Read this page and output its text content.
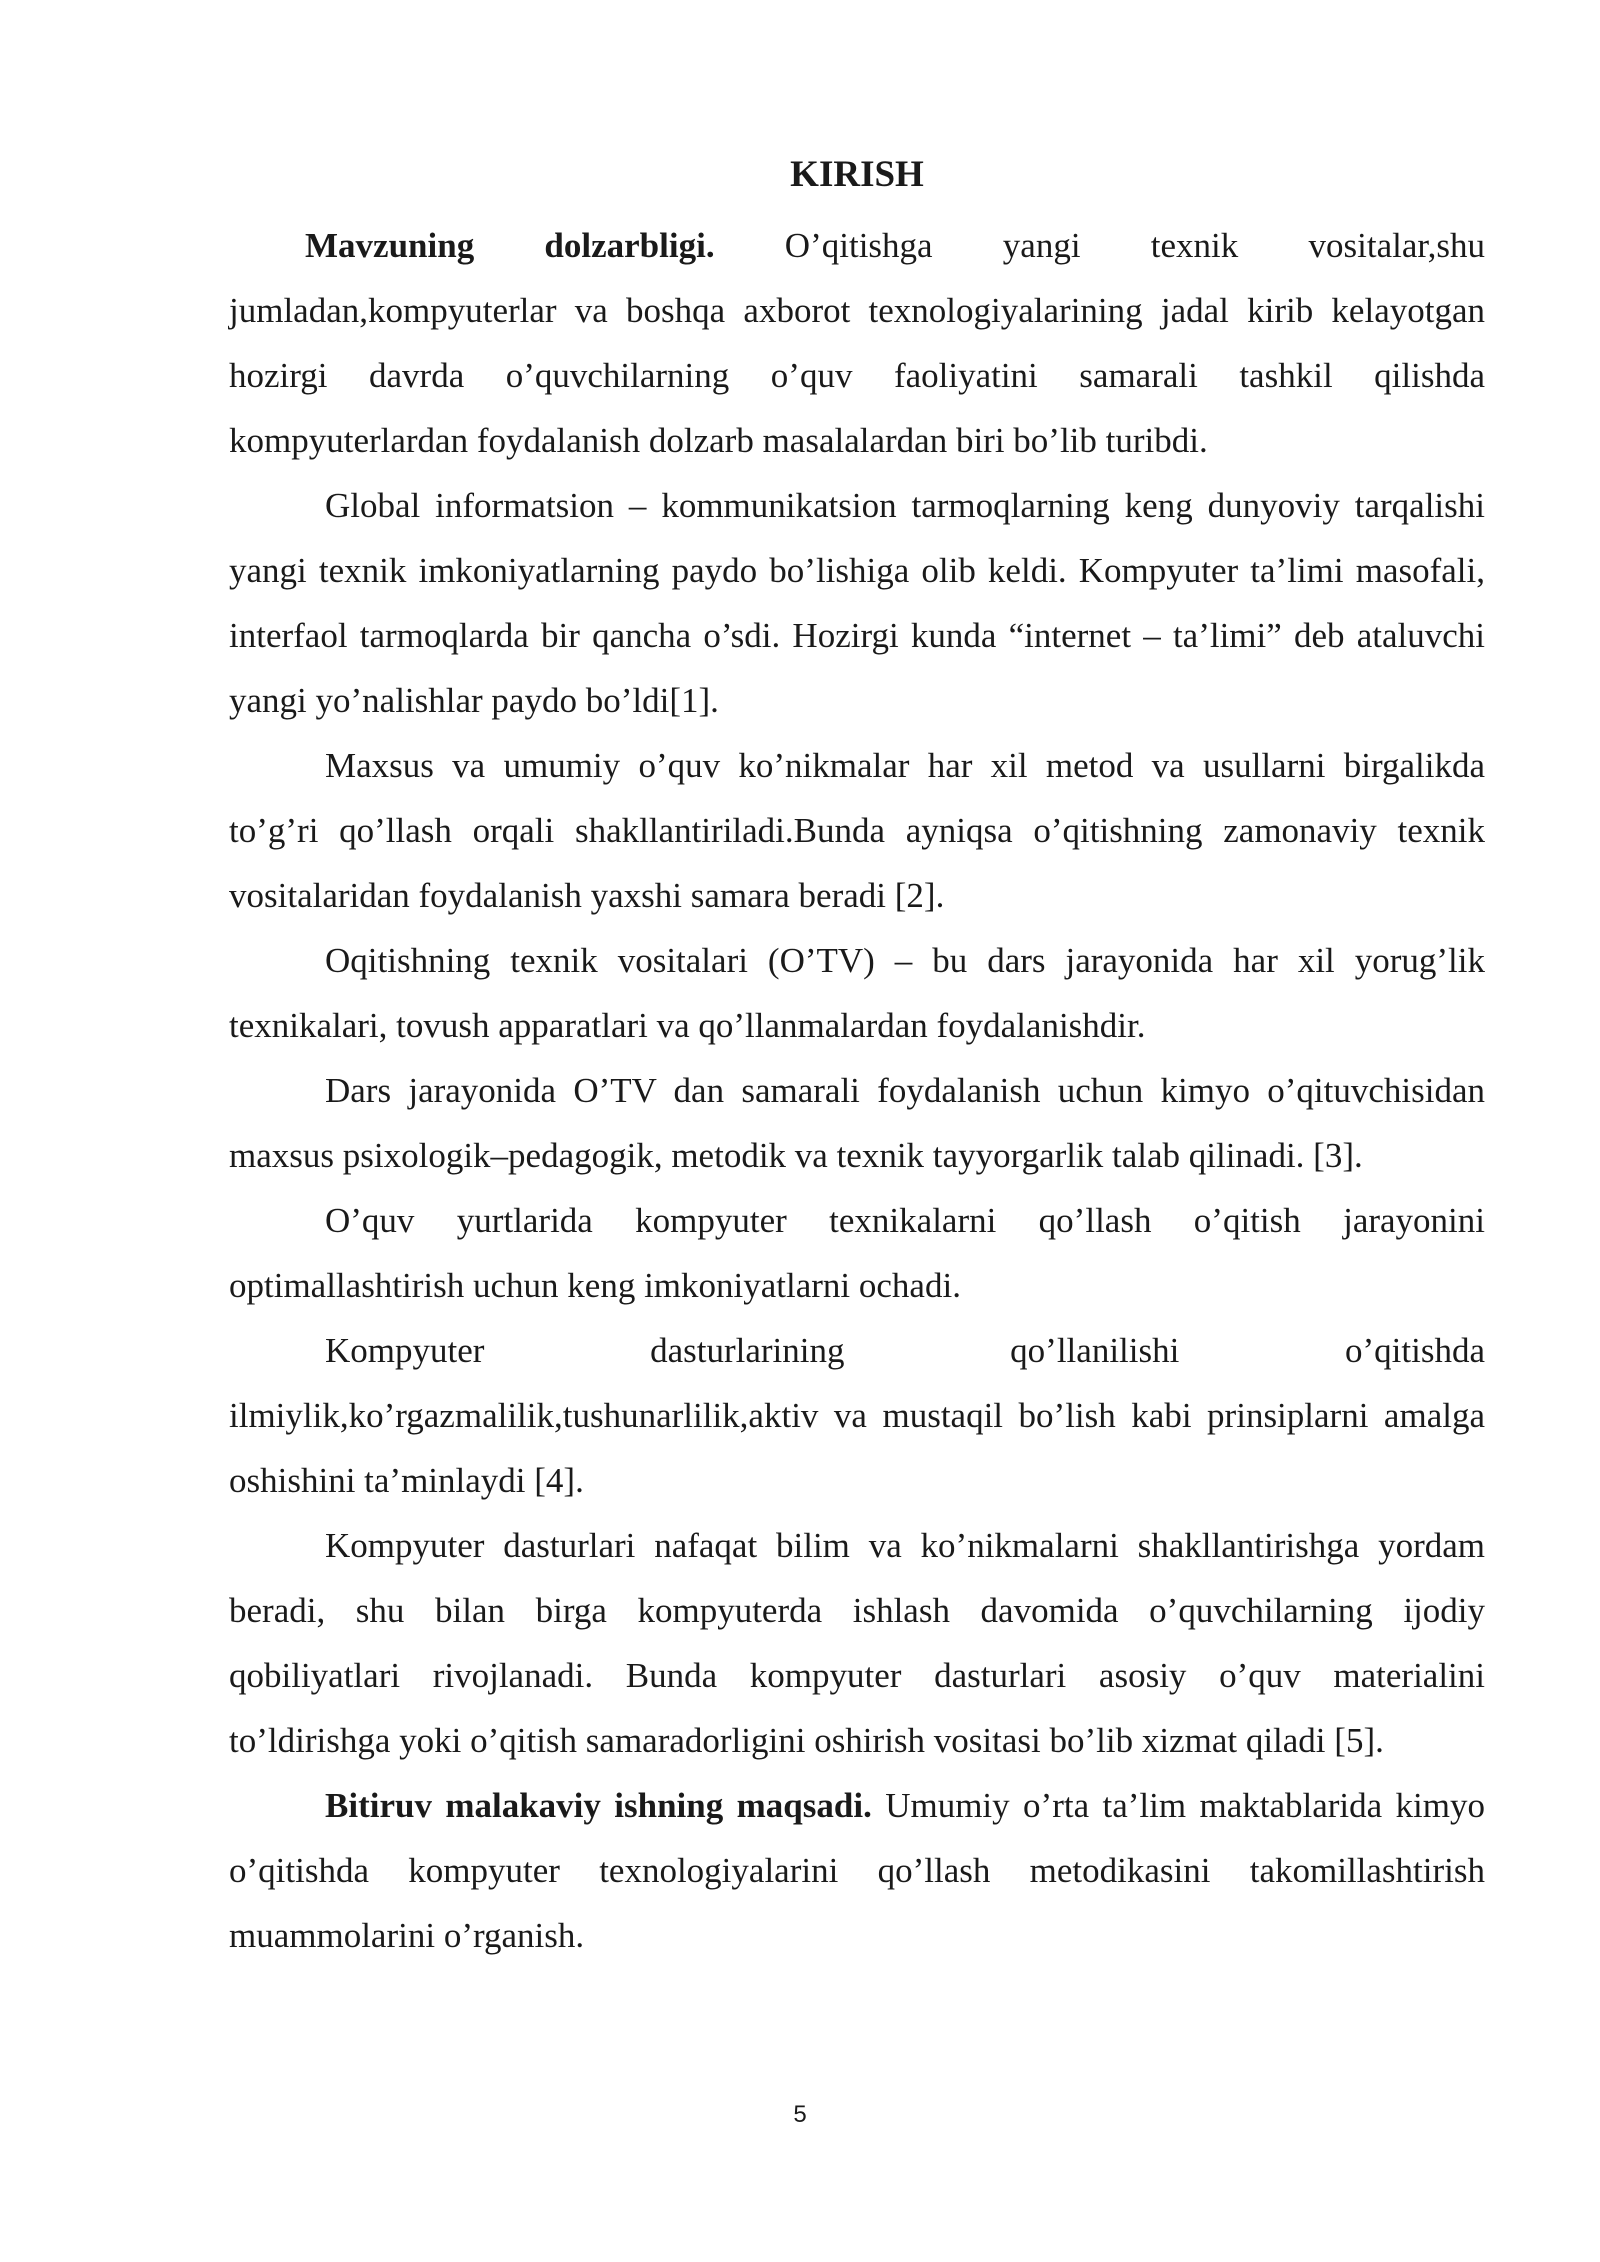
KIRISH

Mavzuning dolzarbligi. O’qitishga yangi texnik vositalar,shu jumladan,kompyuterlar va boshqa axborot texnologiyalarining jadal kirib kelayotgan hozirgi davrda o’quvchilarning o’quv faoliyatini samarali tashkil qilishda kompyuterlardan foydalanish dolzarb masalalardan biri bo’lib turibdi.

Global informatsion – kommunikatsion tarmoqlarning keng dunyoviy tarqalishi yangi texnik imkoniyatlarning paydo bo’lishiga olib keldi. Kompyuter ta’limi masofali, interfaol tarmoqlarda bir qancha o’sdi. Hozirgi kunda “internet – ta’limi” deb ataluvchi yangi yo’nalishlar paydo bo’ldi[1].

Maxsus va umumiy o’quv ko’nikmalar har xil metod va usullarni birgalikda to’g’ri qo’llash orqali shakllantiriladi.Bunda ayniqsa o’qitishning zamonaviy texnik vositalaridan foydalanish yaxshi samara beradi [2].

Oqitishning texnik vositalari (O’TV) – bu dars jarayonida har xil yorug’lik texnikalari, tovush apparatlari va qo’llanmalardan foydalanishdir.

Dars jarayonida O’TV dan samarali foydalanish uchun kimyo o’qituvchisidan maxsus psixologik–pedagogik, metodik va texnik tayyorgarlik talab qilinadi. [3].

O’quv yurtlarida kompyuter texnikalarni qo’llash o’qitish jarayonini optimallashtirish uchun keng imkoniyatlarni ochadi.

Kompyuter dasturlarining qo’llanilishi o’qitishda ilmiylik,ko’rgazmalilik,tushunarlilik,aktiv va mustaqil bo’lish kabi prinsiplarni amalga oshishini ta’minlaydi [4].

Kompyuter dasturlari nafaqat bilim va ko’nikmalarni shakllantirishga yordam beradi, shu bilan birga kompyuterda ishlash davomida o’quvchilarning ijodiy qobiliyatlari rivojlanadi. Bunda kompyuter dasturlari asosiy o’quv materialini to’ldirishga yoki o’qitish samaradorligini oshirish vositasi bo’lib xizmat qiladi [5].

Bitiruv malakaviy ishning maqsadi. Umumiy o’rta ta’lim maktablarida kimyo o’qitishda kompyuter texnologiyalarini qo’llash metodikasini takomillashtirish muammolarini o’rganish.

5
